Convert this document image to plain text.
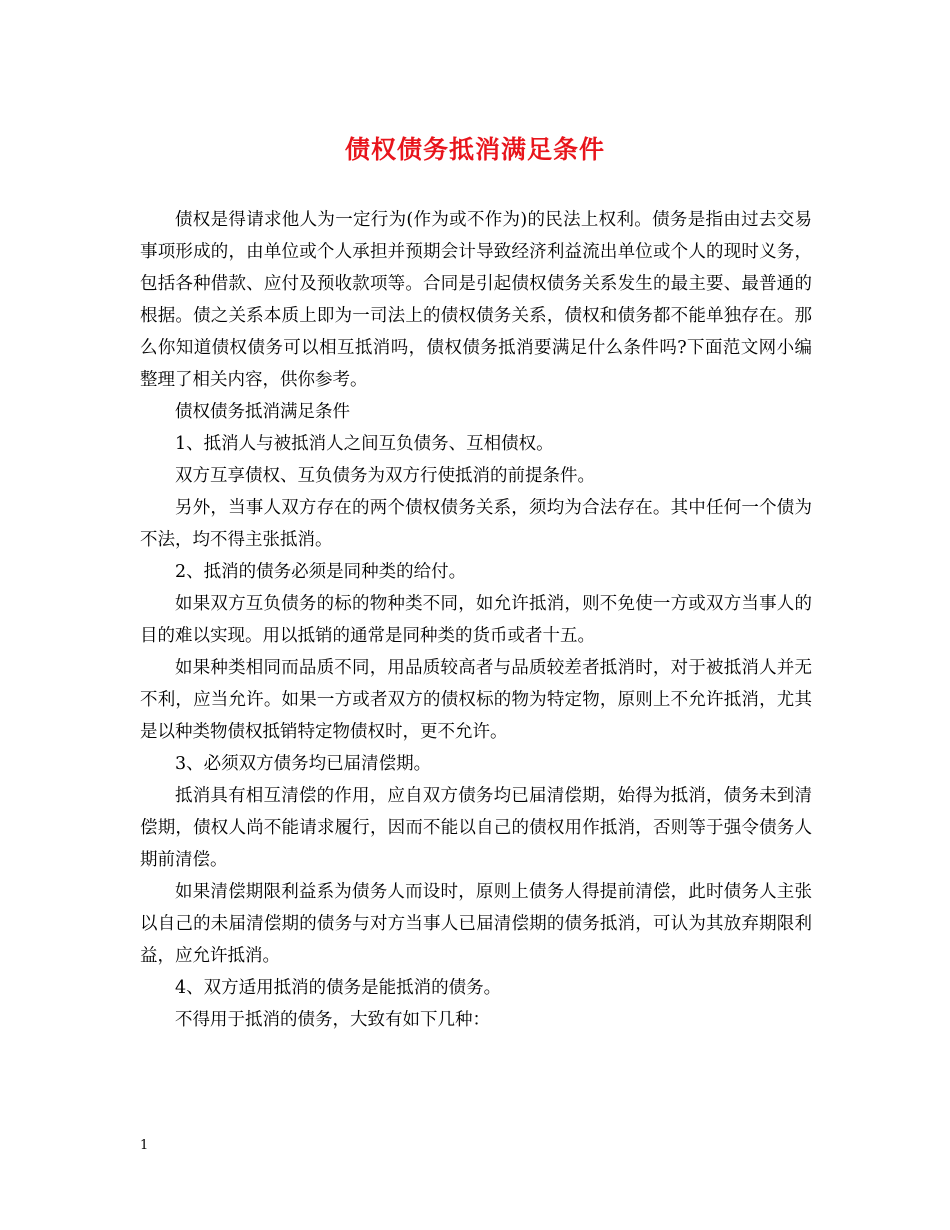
债权债务抵消满足条件

债权是得请求他人为一定行为(作为或不作为)的民法上权利。债务是指由过去交易事项形成的，由单位或个人承担并预期会计导致经济利益流出单位或个人的现时义务，包括各种借款、应付及预收款项等。合同是引起债权债务关系发生的最主要、最普通的根据。债之关系本质上即为一司法上的债权债务关系，债权和债务都不能单独存在。那么你知道债权债务可以相互抵消吗，债权债务抵消要满足什么条件吗?下面范文网小编整理了相关内容，供你参考。

债权债务抵消满足条件

1、抵消人与被抵消人之间互负债务、互相债权。

双方互享债权、互负债务为双方行使抵消的前提条件。

另外，当事人双方存在的两个债权债务关系，须均为合法存在。其中任何一个债为不法，均不得主张抵消。

2、抵消的债务必须是同种类的给付。

如果双方互负债务的标的物种类不同，如允许抵消，则不免使一方或双方当事人的目的难以实现。用以抵销的通常是同种类的货币或者十五。

如果种类相同而品质不同，用品质较高者与品质较差者抵消时，对于被抵消人并无不利，应当允许。如果一方或者双方的债权标的物为特定物，原则上不允许抵消，尤其是以种类物债权抵销特定物债权时，更不允许。

3、必须双方债务均已届清偿期。

抵消具有相互清偿的作用，应自双方债务均已届清偿期，始得为抵消，债务未到清偿期，债权人尚不能请求履行，因而不能以自己的债权用作抵消，否则等于强令债务人期前清偿。

如果清偿期限利益系为债务人而设时，原则上债务人得提前清偿，此时债务人主张以自己的未届清偿期的债务与对方当事人已届清偿期的债务抵消，可认为其放弃期限利益，应允许抵消。

4、双方适用抵消的债务是能抵消的债务。

不得用于抵消的债务，大致有如下几种：

1
